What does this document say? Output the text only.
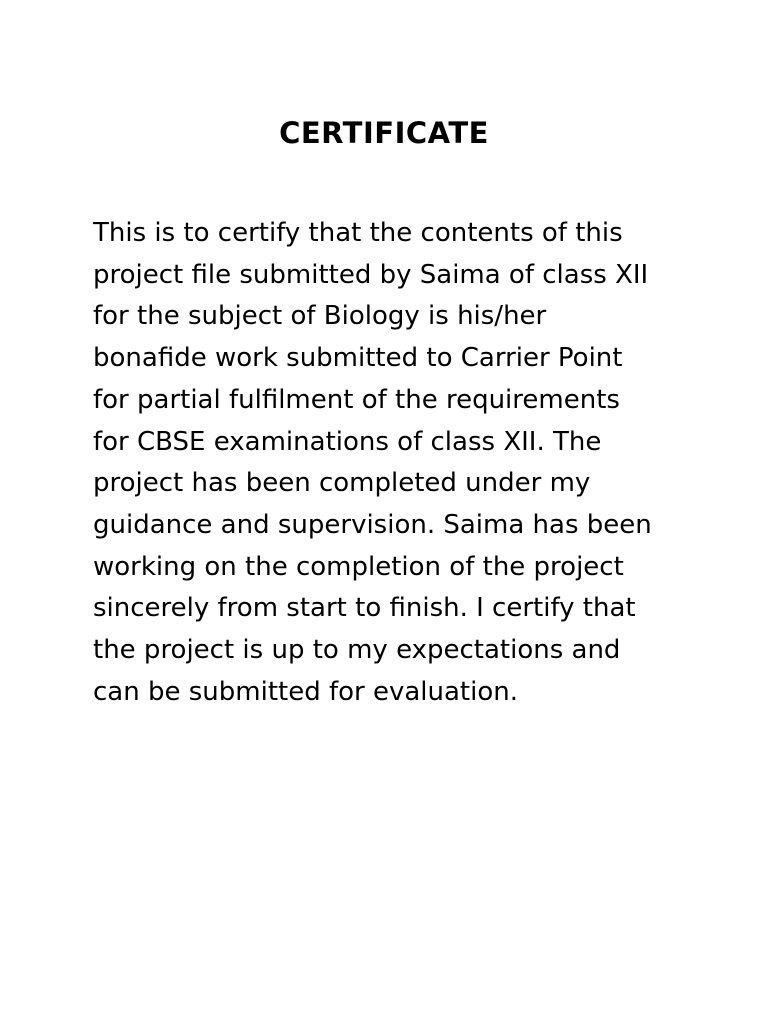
CERTIFICATE

This is to certify that the contents of this
project file submitted by Saima of class XII
for the subject of Biology is his/her
bonafide work submitted to Carrier Point
for partial fulfilment of the requirements
for CBSE examinations of class XII. The
project has been completed under my
guidance and supervision. Saima has been
working on the completion of the project
sincerely from start to finish. I certify that
the project is up to my expectations and
can be submitted for evaluation.
